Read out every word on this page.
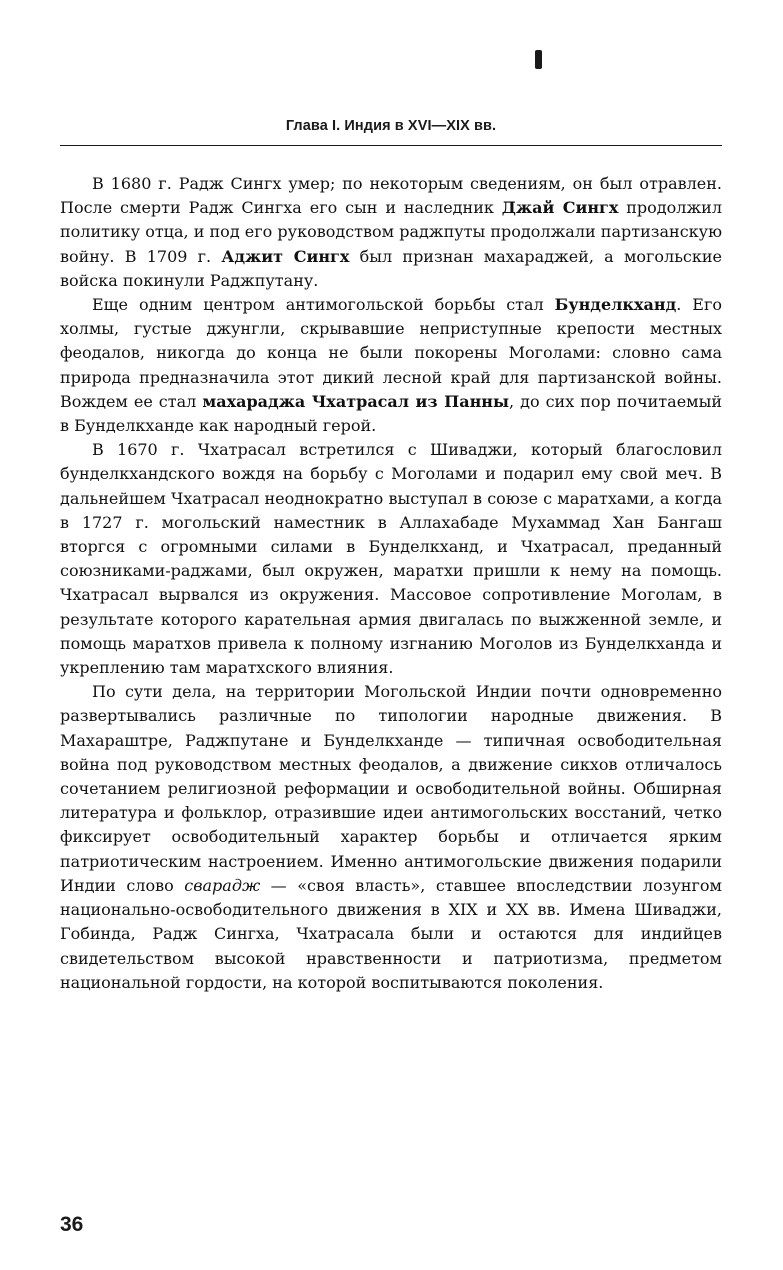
Глава I. Индия в XVI—XIX вв.

В 1680 г. Радж Сингх умер; по некоторым сведениям, он был отравлен. После смерти Радж Сингха его сын и наследник Джай Сингх продолжил политику отца, и под его руководством раджпуты продолжали партизанскую войну. В 1709 г. Аджит Сингх был признан махараджей, а могольские войска покинули Раджпутану.

Еще одним центром антимогольской борьбы стал Бунделкханд. Его холмы, густые джунгли, скрывавшие неприступные крепости местных феодалов, никогда до конца не были покорены Моголами: словно сама природа предназначила этот дикий лесной край для партизанской войны. Вождем ее стал махараджа Чхатрасал из Панны, до сих пор почитаемый в Бунделкханде как народный герой.

В 1670 г. Чхатрасал встретился с Шиваджи, который благословил бунделкхандского вождя на борьбу с Моголами и подарил ему свой меч. В дальнейшем Чхатрасал неоднократно выступал в союзе с маратхами, а когда в 1727 г. могольский наместник в Аллахабаде Мухаммад Хан Бангаш вторгся с огромными силами в Бунделкханд, и Чхатрасал, преданный союзниками-раджами, был окружен, маратхи пришли к нему на помощь. Чхатрасал вырвался из окружения. Массовое сопротивление Моголам, в результате которого карательная армия двигалась по выжженной земле, и помощь маратхов привела к полному изгнанию Моголов из Бунделкханда и укреплению там маратхского влияния.

По сути дела, на территории Могольской Индии почти одновременно развертывались различные по типологии народные движения. В Махараштре, Раджпутане и Бунделкханде — типичная освободительная война под руководством местных феодалов, а движение сикхов отличалось сочетанием религиозной реформации и освободительной войны. Обширная литература и фольклор, отразившие идеи антимогольских восстаний, четко фиксирует освободительный характер борьбы и отличается ярким патриотическим настроением. Именно антимогольские движения подарили Индии слово сварадж — «своя власть», ставшее впоследствии лозунгом национально-освободительного движения в XIX и XX вв. Имена Шиваджи, Гобинда, Радж Сингха, Чхатрасала были и остаются для индийцев свидетельством высокой нравственности и патриотизма, предметом национальной гордости, на которой воспитываются поколения.

36
